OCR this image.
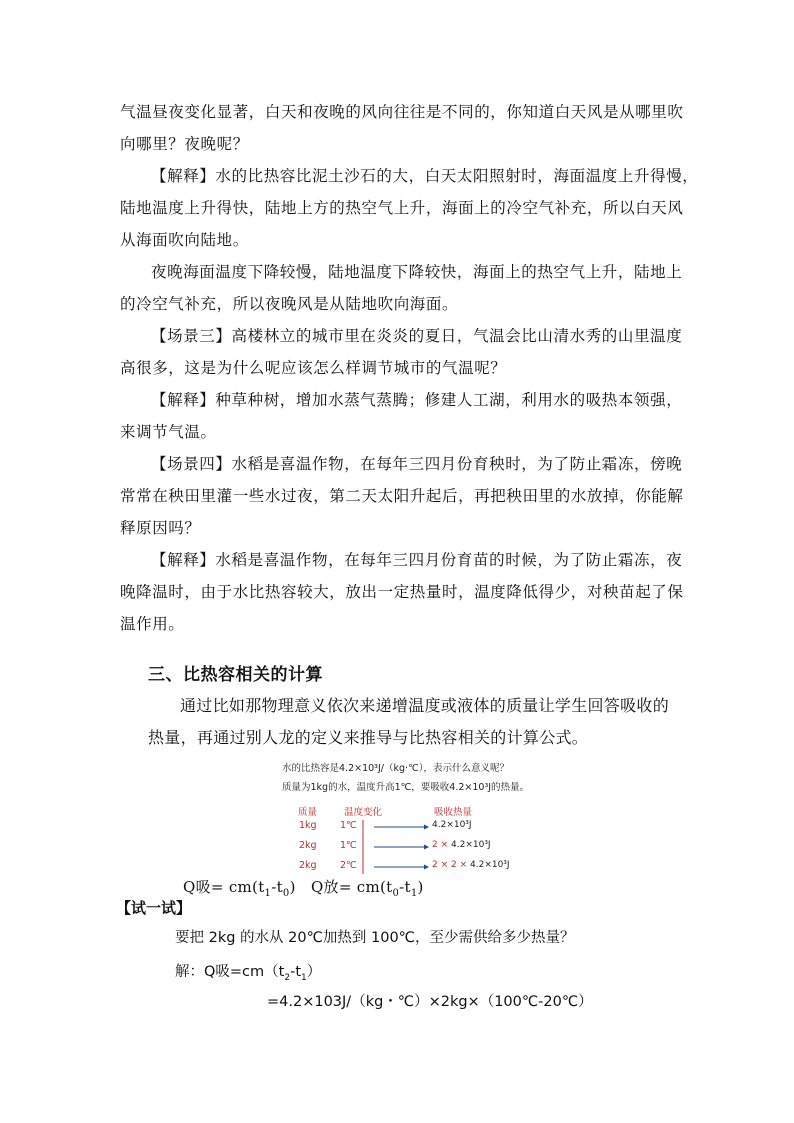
气温昼夜变化显著，白天和夜晚的风向往往是不同的，你知道白天风是从哪里吹
向哪里？夜晚呢？
【解释】水的比热容比泥土沙石的大，白天太阳照射时，海面温度上升得慢，
陆地温度上升得快，陆地上方的热空气上升，海面上的冷空气补充，所以白天风
从海面吹向陆地。
夜晚海面温度下降较慢，陆地温度下降较快，海面上的热空气上升，陆地上
的冷空气补充，所以夜晚风是从陆地吹向海面。
【场景三】高楼林立的城市里在炎炎的夏日，气温会比山清水秀的山里温度
高很多，这是为什么呢应该怎么样调节城市的气温呢？
【解释】种草种树，增加水蒸气蒸腾；修建人工湖，利用水的吸热本领强，
来调节气温。
【场景四】水稻是喜温作物，在每年三四月份育秧时，为了防止霜冻，傍晚
常常在秧田里灌一些水过夜，第二天太阳升起后，再把秧田里的水放掉，你能解
释原因吗？
【解释】水稻是喜温作物，在每年三四月份育苗的时候，为了防止霜冻，夜
晚降温时，由于水比热容较大，放出一定热量时，温度降低得少，对秧苗起了保
温作用。
三、比热容相关的计算
通过比如那物理意义依次来递增温度或液体的质量让学生回答吸收的
热量，再通过别人龙的定义来推导与比热容相关的计算公式。
水的比热容是4.2×10³J/（kg·℃），表示什么意义呢？
质量为1kg的水，温度升高1℃，要吸收4.2×10³J的热量。
质量	温度变化	吸收热量
1kg 1℃	4.2×10³J
2kg 1℃	2 × 4.2×10³J
2kg 2℃	2 × 2 × 4.2×10³J
Q吸= $cm(t_1-t_0)$   Q放= $cm(t_0-t_1)$
【试一试】
要把 2kg 的水从 20℃加热到 100℃，至少需供给多少热量？
解：Q吸$=cm(t_2-t_1)$
=4.2×103J/（kg・℃）×2kg×（100℃-20℃）
